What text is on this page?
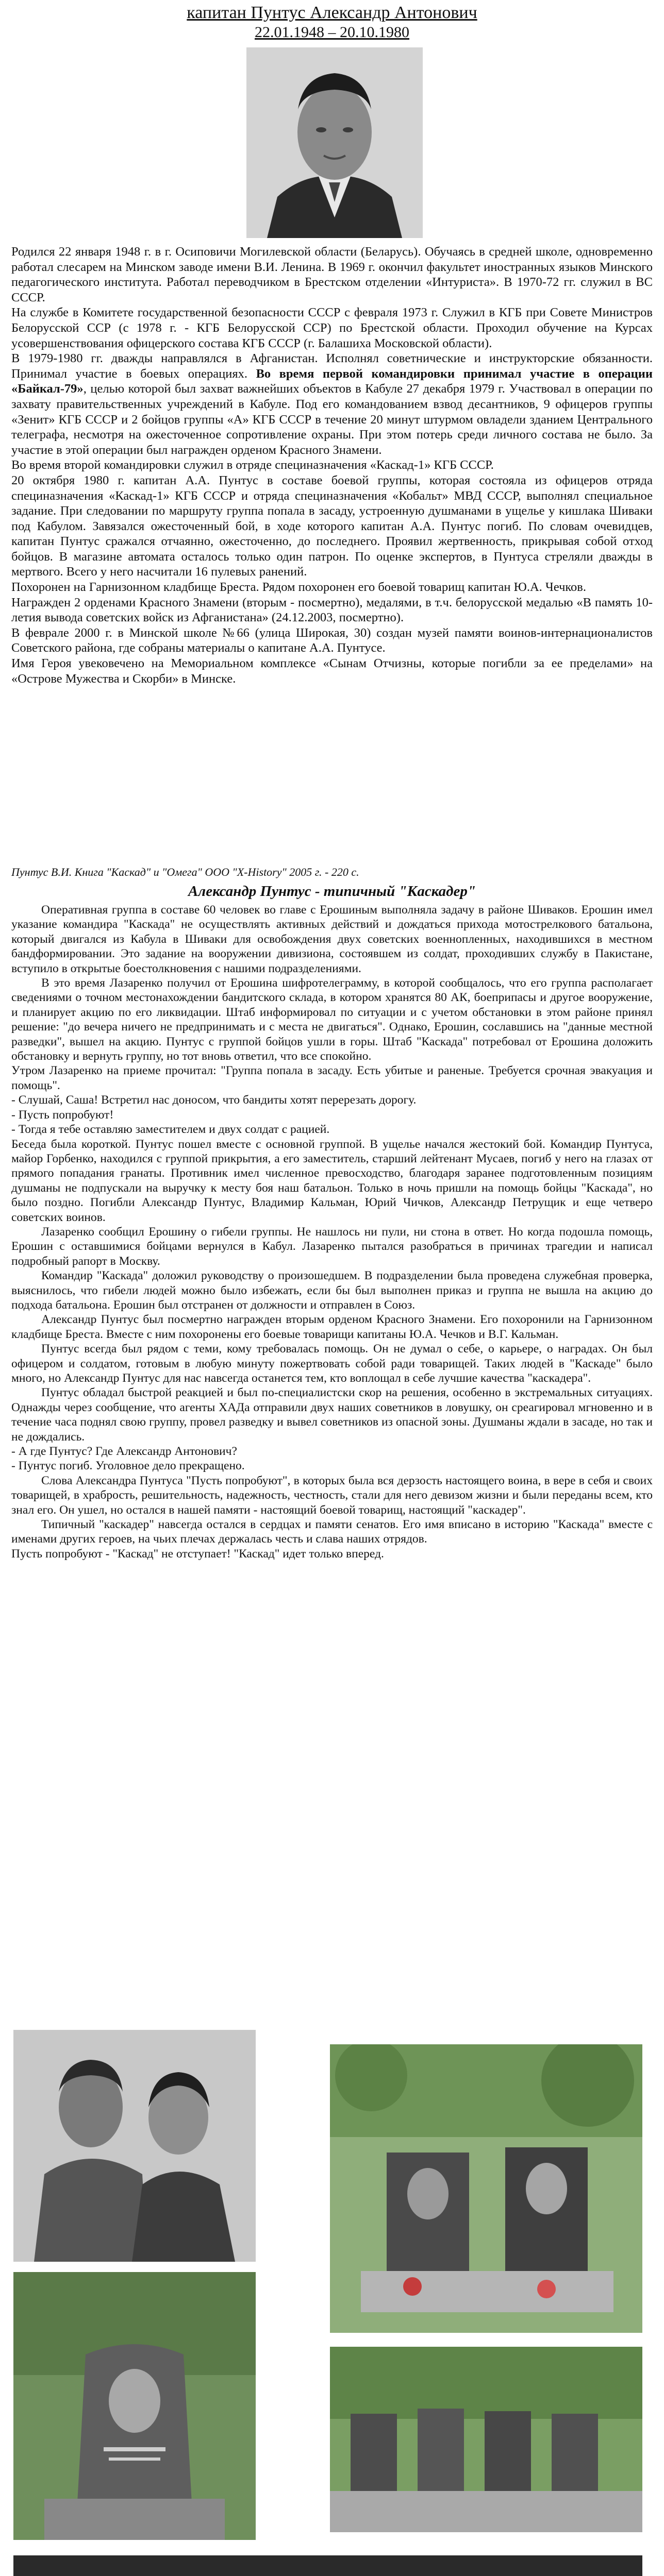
капитан Пунтус Александр Антонович
22.01.1948 – 20.10.1980

Родился 22 января 1948 г. в г. Осиповичи Могилевской области (Беларусь). Обучаясь в средней школе, одновременно работал слесарем на Минском заводе имени В.И. Ленина. В 1969 г. окончил факультет иностранных языков Минского педагогического института. Работал переводчиком в Брестском отделении «Интуриста». В 1970-72 гг. служил в ВС СССР.

На службе в Комитете государственной безопасности СССР с февраля 1973 г. Служил в КГБ при Совете Министров Белорусской ССР (с 1978 г. - КГБ Белорусской ССР) по Брестской области. Проходил обучение на Курсах усовершенствования офицерского состава КГБ СССР (г. Балашиха Московской области).

В 1979-1980 гг. дважды направлялся в Афганистан. Исполнял советнические и инструкторские обязанности. Принимал участие в боевых операциях. Во время первой командировки принимал участие в операции «Байкал-79», целью которой был захват важнейших объектов в Кабуле 27 декабря 1979 г. Участвовал в операции по захвату правительственных учреждений в Кабуле. Под его командованием взвод десантников, 9 офицеров группы «Зенит» КГБ СССР и 2 бойцов группы «А» КГБ СССР в течение 20 минут штурмом овладели зданием Центрального телеграфа, несмотря на ожесточенное сопротивление охраны. При этом потерь среди личного состава не было. За участие в этой операции был награжден орденом Красного Знамени.

Во время второй командировки служил в отряде специназначения «Каскад-1» КГБ СССР.

20 октября 1980 г. капитан А.А. Пунтус в составе боевой группы, которая состояла из офицеров отряда специназначения «Каскад-1» КГБ СССР и отряда специназначения «Кобальт» МВД СССР, выполнял специальное задание. При следовании по маршруту группа попала в засаду, устроенную душманами в ущелье у кишлака Шиваки под Кабулом. Завязался ожесточенный бой, в ходе которого капитан А.А. Пунтус погиб. По словам очевидцев, капитан Пунтус сражался отчаянно, ожесточенно, до последнего. Проявил жертвенность, прикрывая собой отход бойцов. В магазине автомата осталось только один патрон. По оценке экспертов, в Пунтуса стреляли дважды в мертвого. Всего у него насчитали 16 пулевых ранений.

Похоронен на Гарнизонном кладбище Бреста. Рядом похоронен его боевой товарищ капитан Ю.А. Чечков.

Награжден 2 орденами Красного Знамени (вторым - посмертно), медалями, в т.ч. белорусской медалью «В память 10-летия вывода советских войск из Афганистана» (24.12.2003, посмертно).

В феврале 2000 г. в Минской школе №66 (улица Широкая, 30) создан музей памяти воинов-интернационалистов Советского района, где собраны материалы о капитане А.А. Пунтусе.

Имя Героя увековечено на Мемориальном комплексе «Сынам Отчизны, которые погибли за ее пределами» на «Острове Мужества и Скорби» в Минске.

Пунтус В.И. Книга "Каскад" и "Омега" ООО "Х-History" 2005 г. - 220 с.
Александр Пунтус - типичный "Каскадер"

Оперативная группа в составе 60 человек во главе с Ерошиным выполняла задачу в районе Шиваков. Ерошин имел указание командира "Каскада" не осуществлять активных действий и дождаться прихода мотострелкового батальона, который двигался из Кабула в Шиваки для освобождения двух советских военнопленных, находившихся в местном бандформировании. Это задание на вооружении дивизиона, состоявшем из солдат, проходивших службу в Пакистане, вступило в открытые боестолкновения с нашими подразделениями.

В это время Лазаренко получил от Ерошина шифротелеграмму, в которой сообщалось, что его группа располагает сведениями о точном местонахождении бандитского склада, в котором хранятся 80 АК, боеприпасы и другое вооружение, и планирует акцию по его ликвидации. Штаб информировал по ситуации и с учетом обстановки в этом районе принял решение: "до вечера ничего не предпринимать и с места не двигаться". Однако, Ерошин, сославшись на "данные местной разведки", вышел на акцию. Пунтус с группой бойцов ушли в горы. Штаб "Каскада" потребовал от Ерошина доложить обстановку и вернуть группу, но тот вновь ответил, что все спокойно.

Утром Лазаренко на приеме прочитал: "Группа попала в засаду. Есть убитые и раненые. Требуется срочная эвакуация и помощь".

- Слушай, Саша! Встретил нас доносом, что бандиты хотят перерезать дорогу.

- Пусть попробуют!

- Тогда я тебе оставляю заместителем и двух солдат с рацией.

Беседа была короткой. Пунтус пошел вместе с основной группой. В ущелье начался жестокий бой. Командир Пунтуса, майор Горбенко, находился с группой прикрытия, а его заместитель, старший лейтенант Мусаев, погиб у него на глазах от прямого попадания гранаты. Противник имел численное превосходство, благодаря заранее подготовленным позициям душманы не подпускали на выручку к месту боя наш батальон. Только в ночь пришли на помощь бойцы "Каскада", но было поздно. Погибли Александр Пунтус, Владимир Кальман, Юрий Чичков, Александр Петрущик и еще четверо советских воинов.

Лазаренко сообщил Ерошину о гибели группы. Не нашлось ни пули, ни стона в ответ. Но когда подошла помощь, Ерошин с оставшимися бойцами вернулся в Кабул. Лазаренко пытался разобраться в причинах трагедии и написал подробный рапорт в Москву.

Командир "Каскада" доложил руководству о произошедшем. В подразделении была проведена служебная проверка, выяснилось, что гибели людей можно было избежать, если бы был выполнен приказ и группа не вышла на акцию до подхода батальона. Ерошин был отстранен от должности и отправлен в Союз.

Александр Пунтус был посмертно награжден вторым орденом Красного Знамени. Его похоронили на Гарнизонном кладбище Бреста. Вместе с ним похоронены его боевые товарищи капитаны Ю.А. Чечков и В.Г. Кальман.

Пунтус всегда был рядом с теми, кому требовалась помощь. Он не думал о себе, о карьере, о наградах. Он был офицером и солдатом, готовым в любую минуту пожертвовать собой ради товарищей. Таких людей в "Каскаде" было много, но Александр Пунтус для нас навсегда останется тем, кто воплощал в себе лучшие качества "каскадера".

Пунтус обладал быстрой реакцией и был по-специалистски скор на решения, особенно в экстремальных ситуациях. Однажды через сообщение, что агенты ХАДа отправили двух наших советников в ловушку, он среагировал мгновенно и в течение часа поднял свою группу, провел разведку и вывел советников из опасной зоны. Душманы ждали в засаде, но так и не дождались.

- А где Пунтус? Где Александр Антонович?

- Пунтус погиб. Уголовное дело прекращено.

Слова Александра Пунтуса "Пусть попробуют", в которых была вся дерзость настоящего воина, в вере в себя и своих товарищей, в храбрость, решительность, надежность, честность, стали для него девизом жизни и были переданы всем, кто знал его. Он ушел, но остался в нашей памяти - настоящий боевой товарищ, настоящий "каскадер".

Типичный "каскадер" навсегда остался в сердцах и памяти сенатов. Его имя вписано в историю "Каскада" вместе с именами других героев, на чьих плечах держалась честь и слава наших отрядов.

Пусть попробуют - "Каскад" не отступает! "Каскад" идет только вперед.
